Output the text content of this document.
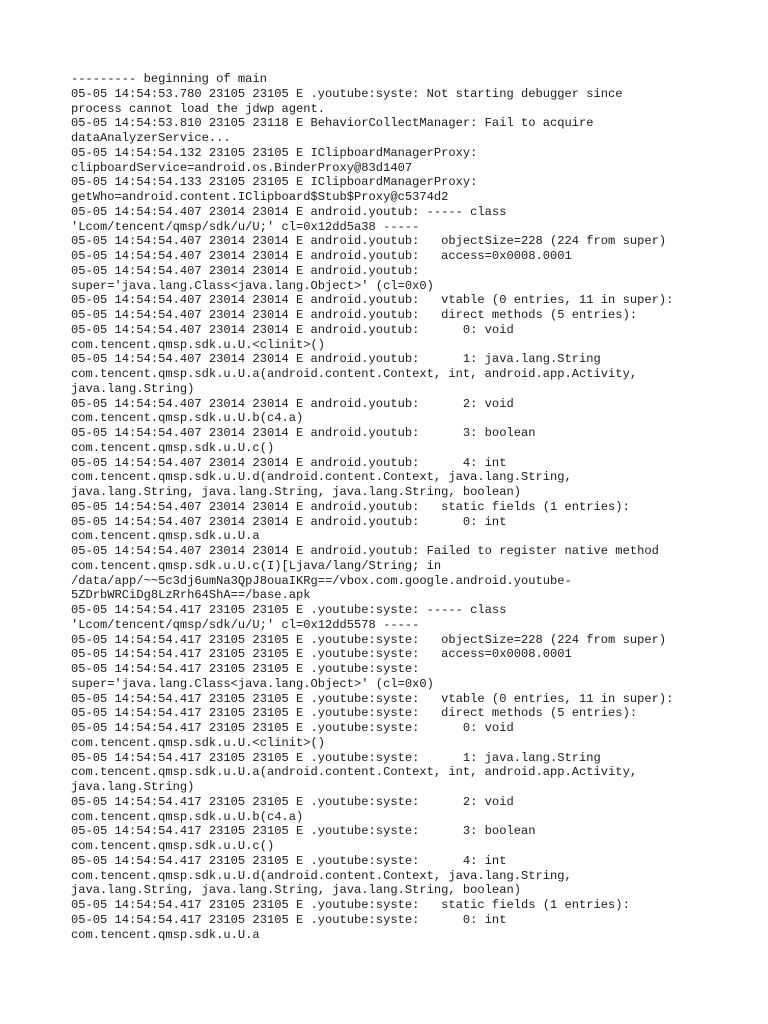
--------- beginning of main
05-05 14:54:53.780 23105 23105 E .youtube:syste: Not starting debugger since
process cannot load the jdwp agent.
05-05 14:54:53.810 23105 23118 E BehaviorCollectManager: Fail to acquire
dataAnalyzerService...
05-05 14:54:54.132 23105 23105 E IClipboardManagerProxy:
clipboardService=android.os.BinderProxy@83d1407
05-05 14:54:54.133 23105 23105 E IClipboardManagerProxy:
getWho=android.content.IClipboard$Stub$Proxy@c5374d2
05-05 14:54:54.407 23014 23014 E android.youtub: ----- class
'Lcom/tencent/qmsp/sdk/u/U;' cl=0x12dd5a38 -----
05-05 14:54:54.407 23014 23014 E android.youtub:   objectSize=228 (224 from super)
05-05 14:54:54.407 23014 23014 E android.youtub:   access=0x0008.0001
05-05 14:54:54.407 23014 23014 E android.youtub:
super='java.lang.Class<java.lang.Object>' (cl=0x0)
05-05 14:54:54.407 23014 23014 E android.youtub:   vtable (0 entries, 11 in super):
05-05 14:54:54.407 23014 23014 E android.youtub:   direct methods (5 entries):
05-05 14:54:54.407 23014 23014 E android.youtub:      0: void
com.tencent.qmsp.sdk.u.U.<clinit>()
05-05 14:54:54.407 23014 23014 E android.youtub:      1: java.lang.String
com.tencent.qmsp.sdk.u.U.a(android.content.Context, int, android.app.Activity,
java.lang.String)
05-05 14:54:54.407 23014 23014 E android.youtub:      2: void
com.tencent.qmsp.sdk.u.U.b(c4.a)
05-05 14:54:54.407 23014 23014 E android.youtub:      3: boolean
com.tencent.qmsp.sdk.u.U.c()
05-05 14:54:54.407 23014 23014 E android.youtub:      4: int
com.tencent.qmsp.sdk.u.U.d(android.content.Context, java.lang.String,
java.lang.String, java.lang.String, java.lang.String, boolean)
05-05 14:54:54.407 23014 23014 E android.youtub:   static fields (1 entries):
05-05 14:54:54.407 23014 23014 E android.youtub:      0: int
com.tencent.qmsp.sdk.u.U.a
05-05 14:54:54.407 23014 23014 E android.youtub: Failed to register native method
com.tencent.qmsp.sdk.u.U.c(I)[Ljava/lang/String; in
/data/app/~~5c3dj6umNa3QpJ8ouaIKRg==/vbox.com.google.android.youtube-
5ZDrbWRCiDg8LzRrh64ShA==/base.apk
05-05 14:54:54.417 23105 23105 E .youtube:syste: ----- class
'Lcom/tencent/qmsp/sdk/u/U;' cl=0x12dd5578 -----
05-05 14:54:54.417 23105 23105 E .youtube:syste:   objectSize=228 (224 from super)
05-05 14:54:54.417 23105 23105 E .youtube:syste:   access=0x0008.0001
05-05 14:54:54.417 23105 23105 E .youtube:syste:
super='java.lang.Class<java.lang.Object>' (cl=0x0)
05-05 14:54:54.417 23105 23105 E .youtube:syste:   vtable (0 entries, 11 in super):
05-05 14:54:54.417 23105 23105 E .youtube:syste:   direct methods (5 entries):
05-05 14:54:54.417 23105 23105 E .youtube:syste:      0: void
com.tencent.qmsp.sdk.u.U.<clinit>()
05-05 14:54:54.417 23105 23105 E .youtube:syste:      1: java.lang.String
com.tencent.qmsp.sdk.u.U.a(android.content.Context, int, android.app.Activity,
java.lang.String)
05-05 14:54:54.417 23105 23105 E .youtube:syste:      2: void
com.tencent.qmsp.sdk.u.U.b(c4.a)
05-05 14:54:54.417 23105 23105 E .youtube:syste:      3: boolean
com.tencent.qmsp.sdk.u.U.c()
05-05 14:54:54.417 23105 23105 E .youtube:syste:      4: int
com.tencent.qmsp.sdk.u.U.d(android.content.Context, java.lang.String,
java.lang.String, java.lang.String, java.lang.String, boolean)
05-05 14:54:54.417 23105 23105 E .youtube:syste:   static fields (1 entries):
05-05 14:54:54.417 23105 23105 E .youtube:syste:      0: int
com.tencent.qmsp.sdk.u.U.a
